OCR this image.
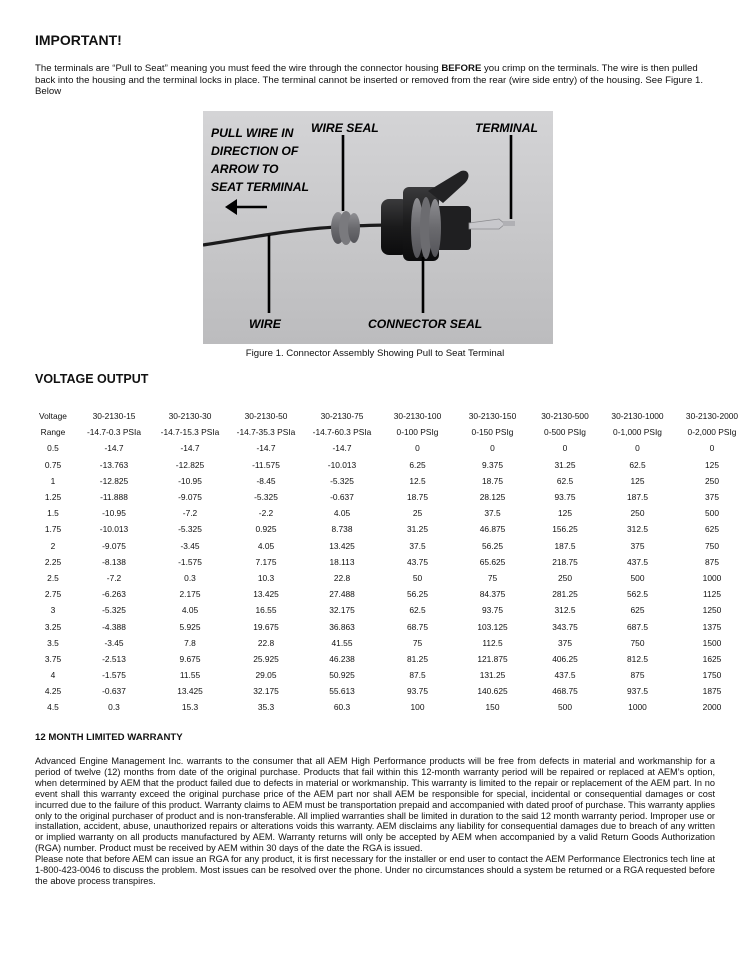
IMPORTANT!

The terminals are “Pull to Seat” meaning you must feed the wire through the connector housing BEFORE you crimp on the terminals. The wire is then pulled back into the housing and the terminal locks in place. The terminal cannot be inserted or removed from the rear (wire side entry) of the housing. See Figure 1. Below

PULL WIRE IN
DIRECTION OF
ARROW TO
SEAT TERMINAL
WIRE SEAL	TERMINAL
WIRE	CONNECTOR SEAL

Figure 1. Connector Assembly Showing Pull to Seat Terminal

VOLTAGE OUTPUT
Voltage	30-2130-15	30-2130-30	30-2130-50	30-2130-75	30-2130-100	30-2130-150	30-2130-500	30-2130-1000	30-2130-2000
Range	-14.7-0.3 PSIa	-14.7-15.3 PSIa	-14.7-35.3 PSIa	-14.7-60.3 PSIa	0-100 PSIg	0-150 PSIg	0-500 PSIg	0-1,000 PSIg	0-2,000 PSIg
0.5	-14.7	-14.7	-14.7	-14.7	0	0	0	0	0
0.75	-13.763	-12.825	-11.575	-10.013	6.25	9.375	31.25	62.5	125
1	-12.825	-10.95	-8.45	-5.325	12.5	18.75	62.5	125	250
1.25	-11.888	-9.075	-5.325	-0.637	18.75	28.125	93.75	187.5	375
1.5	-10.95	-7.2	-2.2	4.05	25	37.5	125	250	500
1.75	-10.013	-5.325	0.925	8.738	31.25	46.875	156.25	312.5	625
2	-9.075	-3.45	4.05	13.425	37.5	56.25	187.5	375	750
2.25	-8.138	-1.575	7.175	18.113	43.75	65.625	218.75	437.5	875
2.5	-7.2	0.3	10.3	22.8	50	75	250	500	1000
2.75	-6.263	2.175	13.425	27.488	56.25	84.375	281.25	562.5	1125
3	-5.325	4.05	16.55	32.175	62.5	93.75	312.5	625	1250
3.25	-4.388	5.925	19.675	36.863	68.75	103.125	343.75	687.5	1375
3.5	-3.45	7.8	22.8	41.55	75	112.5	375	750	1500
3.75	-2.513	9.675	25.925	46.238	81.25	121.875	406.25	812.5	1625
4	-1.575	11.55	29.05	50.925	87.5	131.25	437.5	875	1750
4.25	-0.637	13.425	32.175	55.613	93.75	140.625	468.75	937.5	1875
4.5	0.3	15.3	35.3	60.3	100	150	500	1000	2000
12 MONTH LIMITED WARRANTY
Advanced Engine Management Inc. warrants to the consumer that all AEM High Performance products will be free from defects in material and workmanship for a period of twelve (12) months from date of the original purchase. Products that fail within this 12-month warranty period will be repaired or replaced at AEM’s option, when determined by AEM that the product failed due to defects in material or workmanship. This warranty is limited to the repair or replacement of the AEM part. In no event shall this warranty exceed the original purchase price of the AEM part nor shall AEM be responsible for special, incidental or consequential damages or cost incurred due to the failure of this product. Warranty claims to AEM must be transportation prepaid and accompanied with dated proof of purchase. This warranty applies only to the original purchaser of product and is non-transferable. All implied warranties shall be limited in duration to the said 12 month warranty period. Improper use or installation, accident, abuse, unauthorized repairs or alterations voids this warranty. AEM disclaims any liability for consequential damages due to breach of any written or implied warranty on all products manufactured by AEM. Warranty returns will only be accepted by AEM when accompanied by a valid Return Goods Authorization (RGA) number. Product must be received by AEM within 30 days of the date the RGA is issued.
Please note that before AEM can issue an RGA for any product, it is first necessary for the installer or end user to contact the AEM Performance Electronics tech line at 1-800-423-0046 to discuss the problem. Most issues can be resolved over the phone. Under no circumstances should a system be returned or a RGA requested before the above process transpires.
